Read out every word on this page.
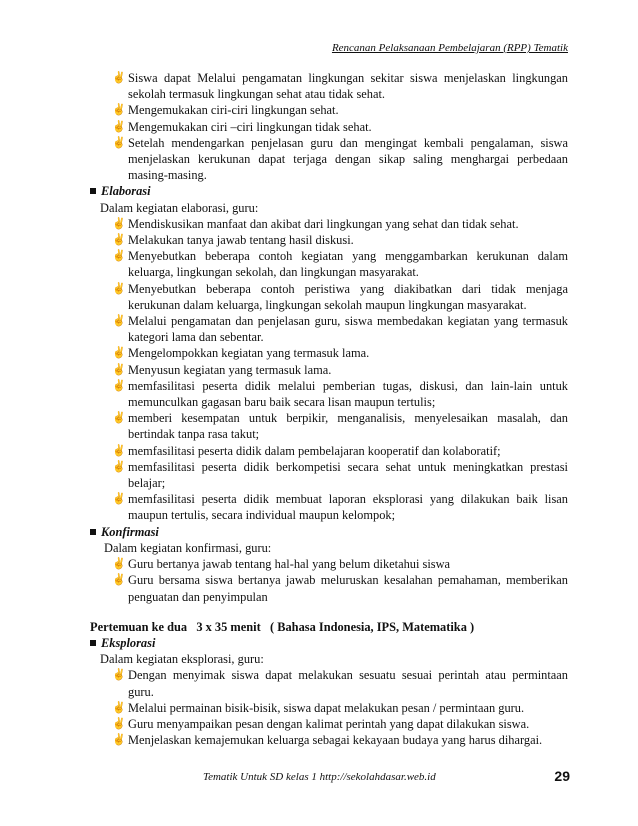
Rencanan Pelaksanaan Pembelajaran (RPP) Tematik
✌ Siswa dapat Melalui pengamatan lingkungan sekitar siswa menjelaskan lingkungan sekolah termasuk lingkungan sehat atau tidak sehat.
✌ Mengemukakan ciri-ciri lingkungan sehat.
✌ Mengemukakan ciri –ciri lingkungan tidak sehat.
✌ Setelah mendengarkan penjelasan guru dan mengingat kembali pengalaman, siswa menjelaskan kerukunan dapat terjaga dengan sikap saling menghargai perbedaan masing-masing.
Elaborasi
Dalam kegiatan elaborasi, guru:
✌ Mendiskusikan manfaat dan akibat dari lingkungan yang sehat dan tidak sehat.
✌ Melakukan tanya jawab tentang hasil diskusi.
✌ Menyebutkan beberapa contoh kegiatan yang menggambarkan kerukunan dalam keluarga, lingkungan sekolah, dan lingkungan masyarakat.
✌ Menyebutkan beberapa contoh peristiwa yang diakibatkan dari tidak menjaga kerukunan dalam keluarga, lingkungan sekolah maupun lingkungan masyarakat.
✌ Melalui pengamatan dan penjelasan guru, siswa membedakan kegiatan yang termasuk kategori lama dan sebentar.
✌ Mengelompokkan kegiatan yang termasuk lama.
✌ Menyusun kegiatan yang termasuk lama.
✌ memfasilitasi peserta didik melalui pemberian tugas, diskusi, dan lain-lain untuk memunculkan gagasan baru baik secara lisan maupun tertulis;
✌ memberi kesempatan untuk berpikir, menganalisis, menyelesaikan masalah, dan bertindak tanpa rasa takut;
✌ memfasilitasi peserta didik dalam pembelajaran kooperatif dan kolaboratif;
✌ memfasilitasi peserta didik berkompetisi secara sehat untuk meningkatkan prestasi belajar;
✌ memfasilitasi peserta didik membuat laporan eksplorasi yang dilakukan baik lisan maupun tertulis, secara individual maupun kelompok;
Konfirmasi
Dalam kegiatan konfirmasi, guru:
✌ Guru bertanya jawab tentang hal-hal yang belum diketahui siswa
✌ Guru bersama siswa bertanya jawab meluruskan kesalahan pemahaman, memberikan penguatan dan penyimpulan
Pertemuan ke dua   3 x 35 menit   ( Bahasa Indonesia, IPS, Matematika )
Eksplorasi
Dalam kegiatan eksplorasi, guru:
✌ Dengan menyimak siswa dapat melakukan sesuatu sesuai perintah atau permintaan guru.
✌ Melalui permainan bisik-bisik, siswa dapat melakukan pesan / permintaan guru.
✌ Guru menyampaikan pesan dengan kalimat perintah yang dapat dilakukan siswa.
✌ Menjelaskan kemajemukan keluarga sebagai kekayaan budaya yang harus dihargai.
Tematik Untuk SD kelas 1 http://sekolahdasar.web.id	29
